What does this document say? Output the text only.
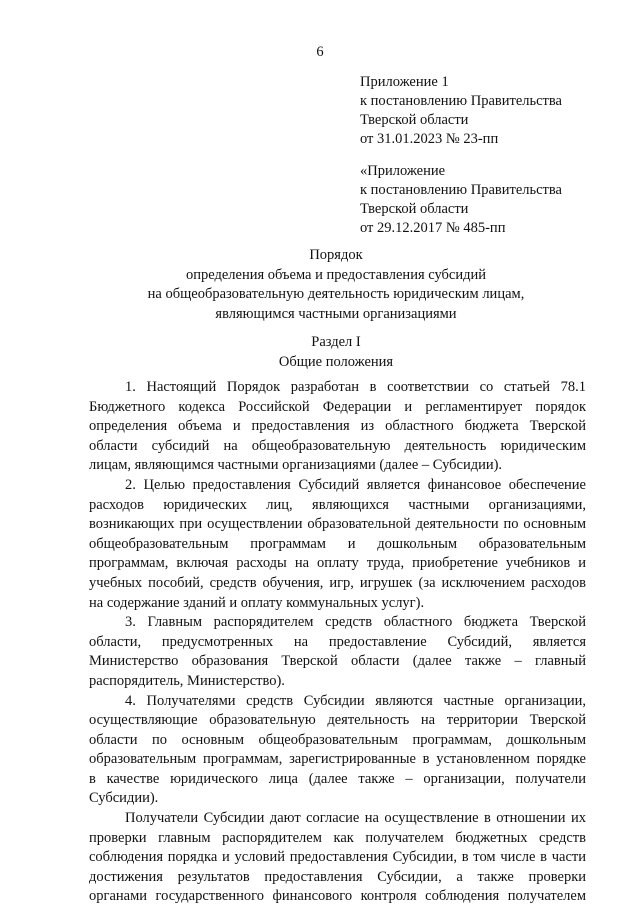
6
Приложение 1
к постановлению Правительства
Тверской области
от 31.01.2023 № 23-пп
«Приложение
к постановлению Правительства
Тверской области
от 29.12.2017 № 485-пп
Порядок
определения объема и предоставления субсидий
на общеобразовательную деятельность юридическим лицам,
являющимся частными организациями
Раздел I
Общие положения
1. Настоящий Порядок разработан в соответствии со статьей 78.1
Бюджетного кодекса Российской Федерации и регламентирует порядок
определения объема и предоставления из областного бюджета Тверской
области субсидий на общеобразовательную деятельность юридическим
лицам, являющимся частными организациями (далее – Субсидии).
2. Целью предоставления Субсидий является финансовое обеспечение
расходов юридических лиц, являющихся частными организациями,
возникающих при осуществлении образовательной деятельности по основным
общеобразовательным программам и дошкольным образовательным
программам, включая расходы на оплату труда, приобретение учебников и
учебных пособий, средств обучения, игр, игрушек (за исключением расходов
на содержание зданий и оплату коммунальных услуг).
3. Главным распорядителем средств областного бюджета Тверской
области, предусмотренных на предоставление Субсидий, является
Министерство образования Тверской области (далее также – главный
распорядитель, Министерство).
4. Получателями средств Субсидии являются частные организации,
осуществляющие образовательную деятельность на территории Тверской
области по основным общеобразовательным программам, дошкольным
образовательным программам, зарегистрированные в установленном порядке
в качестве юридического лица (далее также – организации, получатели
Субсидии).
Получатели Субсидии дают согласие на осуществление в отношении их
проверки главным распорядителем как получателем бюджетных средств
соблюдения порядка и условий предоставления Субсидии, в том числе в части
достижения результатов предоставления Субсидии, а также проверки
органами государственного финансового контроля соблюдения получателем
